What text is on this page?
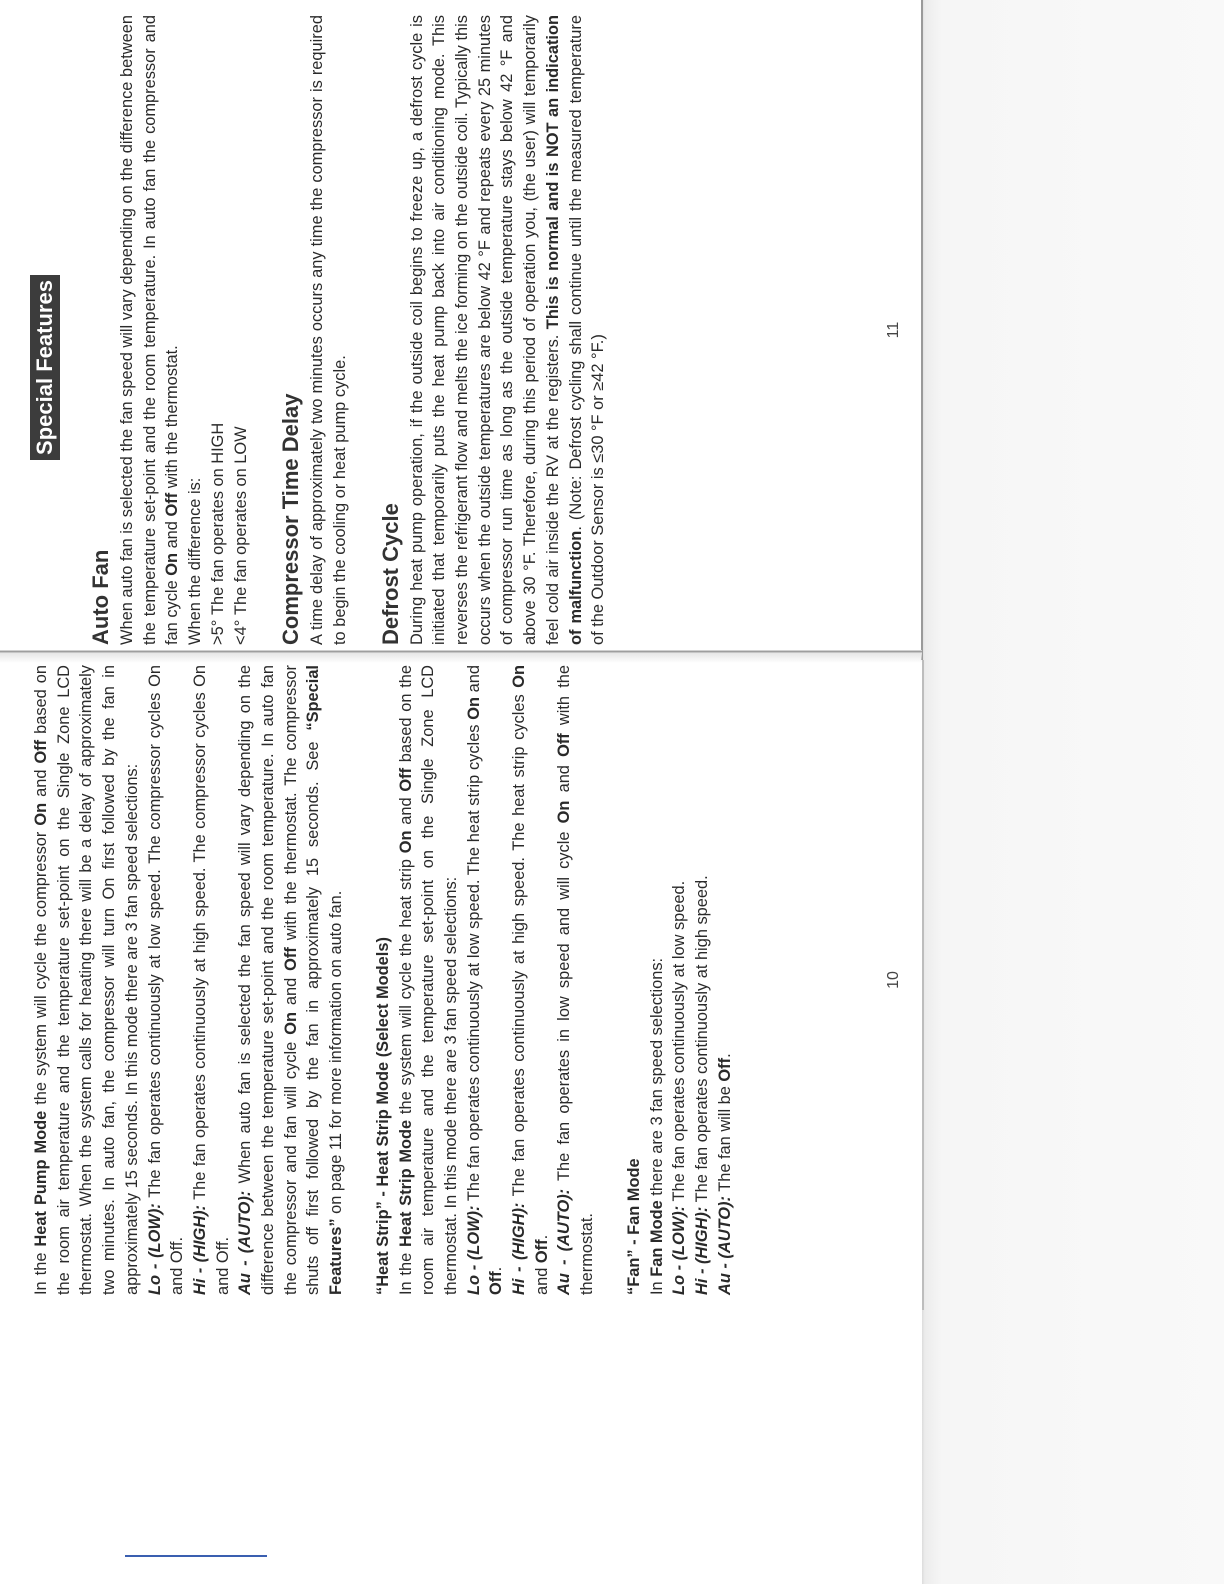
Special Features
Auto Fan When auto fan is selected the fan speed will vary depending on the difference between the temperature set-point and the room temperature. In auto fan the compressor and fan cycle On and Off with the thermostat.

When the difference is: >5°
The fan operates on HIGH
<4°
The fan operates on LOW Compressor Time Delay A time delay of approximately two minutes occurs any time the compressor is required to begin the cooling or heat pump cycle. Defrost Cycle During heat pump operation, if the outside coil begins to freeze up, a defrost cycle is initiated that temporarily puts the heat pump back into air conditioning mode. This reverses the refrigerant flow and melts the ice forming on the outside coil. Typically this occurs when the outside temperatures are below 42 °F and repeats every 25 minutes of compressor run time as long as the outside temperature stays below 42 °F and above 30 °F. Therefore, during this period of operation you, (the user) will temporarily feel cold air inside the RV at the registers. This is normal and is NOT an indication of malfunction. (Note: Defrost cycling shall continue until the measured temperature of the Outdoor Sensor is ≤30 °F or ≥42 °F.)

11

In the Heat Pump Mode the system will cycle the compressor On and Off based on the room air temperature and the temperature set-point on the Single Zone LCD thermostat. When the system calls for heating there will be a delay of approximately two minutes. In auto fan, the compressor will turn On first followed by the fan in approximately 15 seconds. In this mode there are 3 fan speed selections: Lo - (LOW): The fan operates continuously at low speed. The compressor cycles On and Off. Hi - (HIGH): The fan operates continuously at high speed. The compressor cycles On and Off. Au - (AUTO): When auto fan is selected the fan speed will vary depending on the difference between the temperature set-point and the room temperature. In auto fan the compressor and fan will cycle On and Off with the thermostat. The compressor shuts off first followed by the fan in approximately 15 seconds. See “Special Features” on page 11 for more information on auto fan. “Heat Strip” - Heat Strip Mode (Select Models) In the Heat Strip Mode the system will cycle the heat strip On and Off based on the room air temperature and the temperature set-point on the Single Zone LCD thermostat. In this mode there are 3 fan speed selections: Lo - (LOW): The fan operates continuously at low speed. The heat strip cycles On and Off. Hi - (HIGH): The fan operates continuously at high speed. The heat strip cycles On and Off. Au - (AUTO): The fan operates in low speed and will cycle On and Off with the thermostat. “Fan” - Fan Mode In Fan Mode there are 3 fan speed selections:

Lo - (LOW): The fan operates continuously at low speed.

Hi - (HIGH): The fan operates continuously at high speed.

Au - (AUTO): The fan will be Off.

10
